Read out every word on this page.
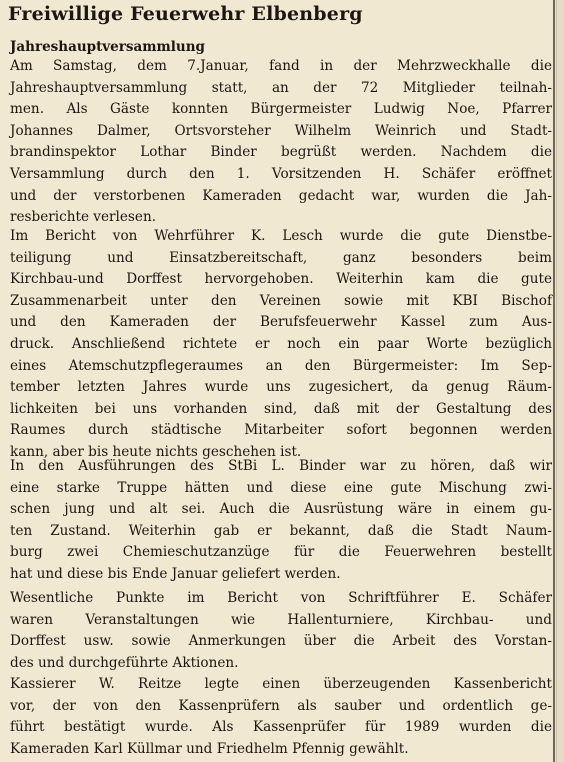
Freiwillige Feuerwehr Elbenberg
Jahreshauptversammlung
Am Samstag, dem 7.Januar, fand in der Mehrzweckhalle die
Jahreshauptversammlung statt, an der 72 Mitglieder teilnah-
men. Als Gäste konnten Bürgermeister Ludwig Noe, Pfarrer
Johannes Dalmer, Ortsvorsteher Wilhelm Weinrich und Stadt-
brandinspektor Lothar Binder begrüßt werden. Nachdem die
Versammlung durch den 1. Vorsitzenden H. Schäfer eröffnet
und der verstorbenen Kameraden gedacht war, wurden die Jah-
resberichte verlesen.
Im Bericht von Wehrführer K. Lesch wurde die gute Dienstbe-
teiligung und Einsatzbereitschaft, ganz besonders beim
Kirchbau-und Dorffest hervorgehoben. Weiterhin kam die gute
Zusammenarbeit unter den Vereinen sowie mit KBI Bischof
und den Kameraden der Berufsfeuerwehr Kassel zum Aus-
druck. Anschließend richtete er noch ein paar Worte bezüglich
eines Atemschutzpflegeraumes an den Bürgermeister: Im Sep-
tember letzten Jahres wurde uns zugesichert, da genug Räum-
lichkeiten bei uns vorhanden sind, daß mit der Gestaltung des
Raumes durch städtische Mitarbeiter sofort begonnen werden
kann, aber bis heute nichts geschehen ist.
In den Ausführungen des StBi L. Binder war zu hören, daß wir
eine starke Truppe hätten und diese eine gute Mischung zwi-
schen jung und alt sei. Auch die Ausrüstung wäre in einem gu-
ten Zustand. Weiterhin gab er bekannt, daß die Stadt Naum-
burg zwei Chemieschutzanzüge für die Feuerwehren bestellt
hat und diese bis Ende Januar geliefert werden.
Wesentliche Punkte im Bericht von Schriftführer E. Schäfer
waren Veranstaltungen wie Hallenturniere, Kirchbau- und
Dorffest usw. sowie Anmerkungen über die Arbeit des Vorstan-
des und durchgeführte Aktionen.
Kassierer W. Reitze legte einen überzeugenden Kassenbericht
vor, der von den Kassenprüfern als sauber und ordentlich ge-
führt bestätigt wurde. Als Kassenprüfer für 1989 wurden die
Kameraden Karl Küllmar und Friedhelm Pfennig gewählt.
